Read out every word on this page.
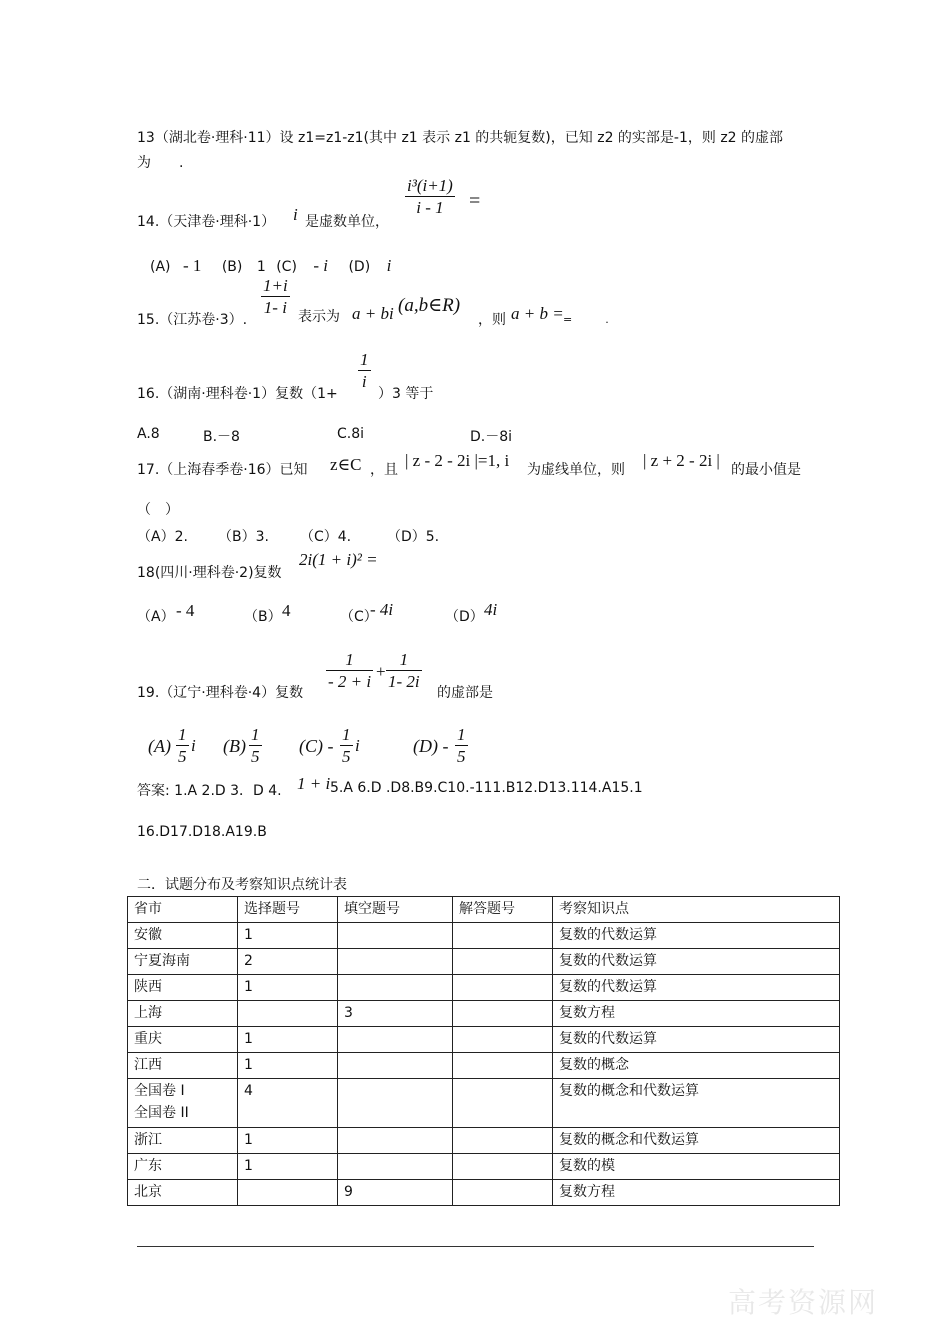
13（湖北卷·理科·11）设 z1=z1-z1(其中 z1 表示 z1 的共轭复数)，已知 z2 的实部是-1，则 z2 的虚部
为　　.
14.（天津卷·理科·1） i 是虚数单位，
$\frac{\text{i³(i+1)}}{i - 1}$ =
(A) - 1 (B) 1 (C) - i (D) i
15.（江苏卷·3）.
$\frac{1+i}{1- i}$ 表示为 a + bi (a,b∈R)
，则 a + b = =　　　.
16.（湖南·理科卷·1）复数（1+
$\frac{1}{i}$
）3 等于
A.8	B.－8	C.8i	D.－8i
17.（上海春季卷·16）已知 z∈C ，且 | z - 2 - 2i |=1, i 为虚线单位，则 | z + 2 - 2i | 的最小值是
（　）
（A）2. （B）3. （C）4.	（D）5.
18(四川·理科卷·2)复数
2i(1 + i)² =
（A） - 4	（B） 4	（C）
- 4i	（D） 4i
19.（辽宁·理科卷·4）复数 $\frac{1}{- 2 + i} + \frac{1}{1- 2i}$ 的虚部是
$(A) \frac{1}{5}$ i $(B) \frac{1}{5} (C) - \frac{1}{5}$ i	$(D) - \frac{1}{5}$
答案: 1.A 2.D 3．D 4. 1 + i 5.A 6.D .D8.B9.C10.-111.B12.D13.114.A15.1
16.D17.D18.A19.B
二．试题分布及考察知识点统计表
省市	选择题号	填空题号	解答题号	考察知识点
安徽	1			复数的代数运算
宁夏海南	2			复数的代数运算
陕西	1			复数的代数运算
上海		3		复数方程
重庆	1			复数的代数运算
江西	1			复数的概念

全国卷 I
全国卷 II	4			复数的概念和代数运算
浙江	1			复数的概念和代数运算
广东	1			复数的模
北京		9		复数方程
高考资源网
